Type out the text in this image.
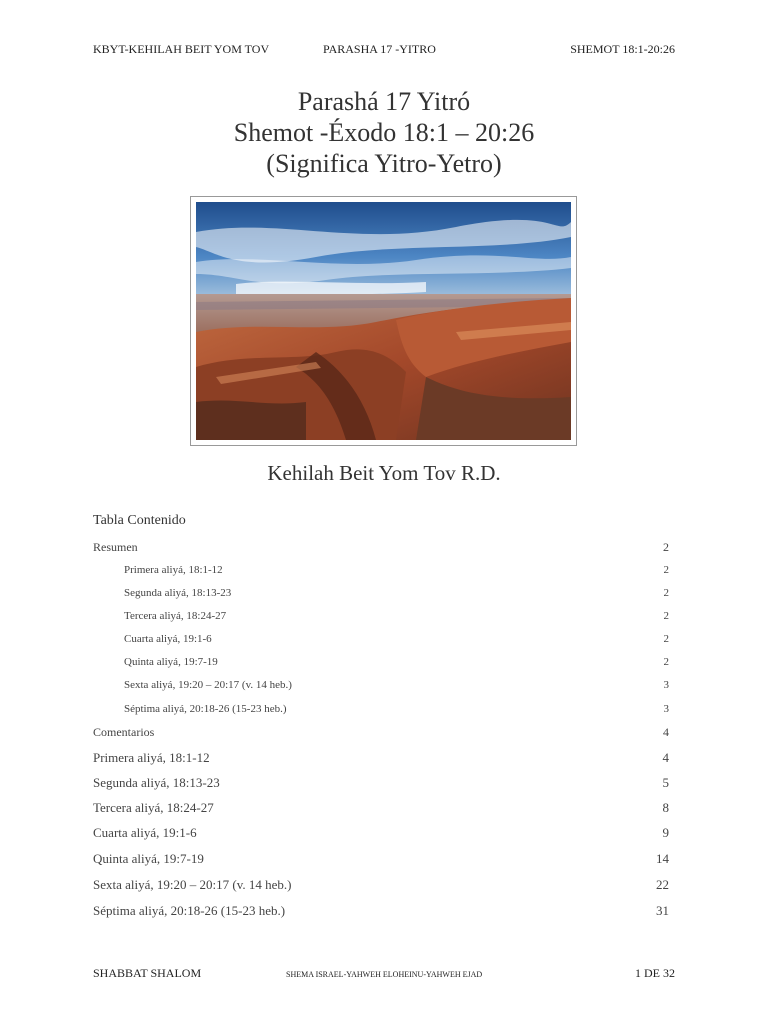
KBYT-KEHILAH BEIT YOM TOV	PARASHA 17 -YITRO	SHEMOT 18:1-20:26
Parashá 17 Yitró
Shemot -Éxodo 18:1 – 20:26
(Significa Yitro-Yetro)
Kehilah Beit Yom Tov R.D.
Tabla Contenido
Resumen	2
Primera aliyá, 18:1-12	2
Segunda aliyá, 18:13-23	2
Tercera aliyá, 18:24-27	2
Cuarta aliyá, 19:1-6	2
Quinta aliyá, 19:7-19	2
Sexta aliyá, 19:20 – 20:17 (v. 14 heb.)	3
Séptima aliyá, 20:18-26 (15-23 heb.)	3
Comentarios	4
Primera aliyá, 18:1-12	4
Segunda aliyá, 18:13-23	5
Tercera aliyá, 18:24-27	8
Cuarta aliyá, 19:1-6	9
Quinta aliyá, 19:7-19	14
Sexta aliyá, 19:20 – 20:17 (v. 14 heb.)	22
Séptima aliyá, 20:18-26 (15-23 heb.)	31
SHABBAT SHALOM	SHEMA ISRAEL-YAHWEH ELOHEINU-YAHWEH EJAD	1 DE 32
